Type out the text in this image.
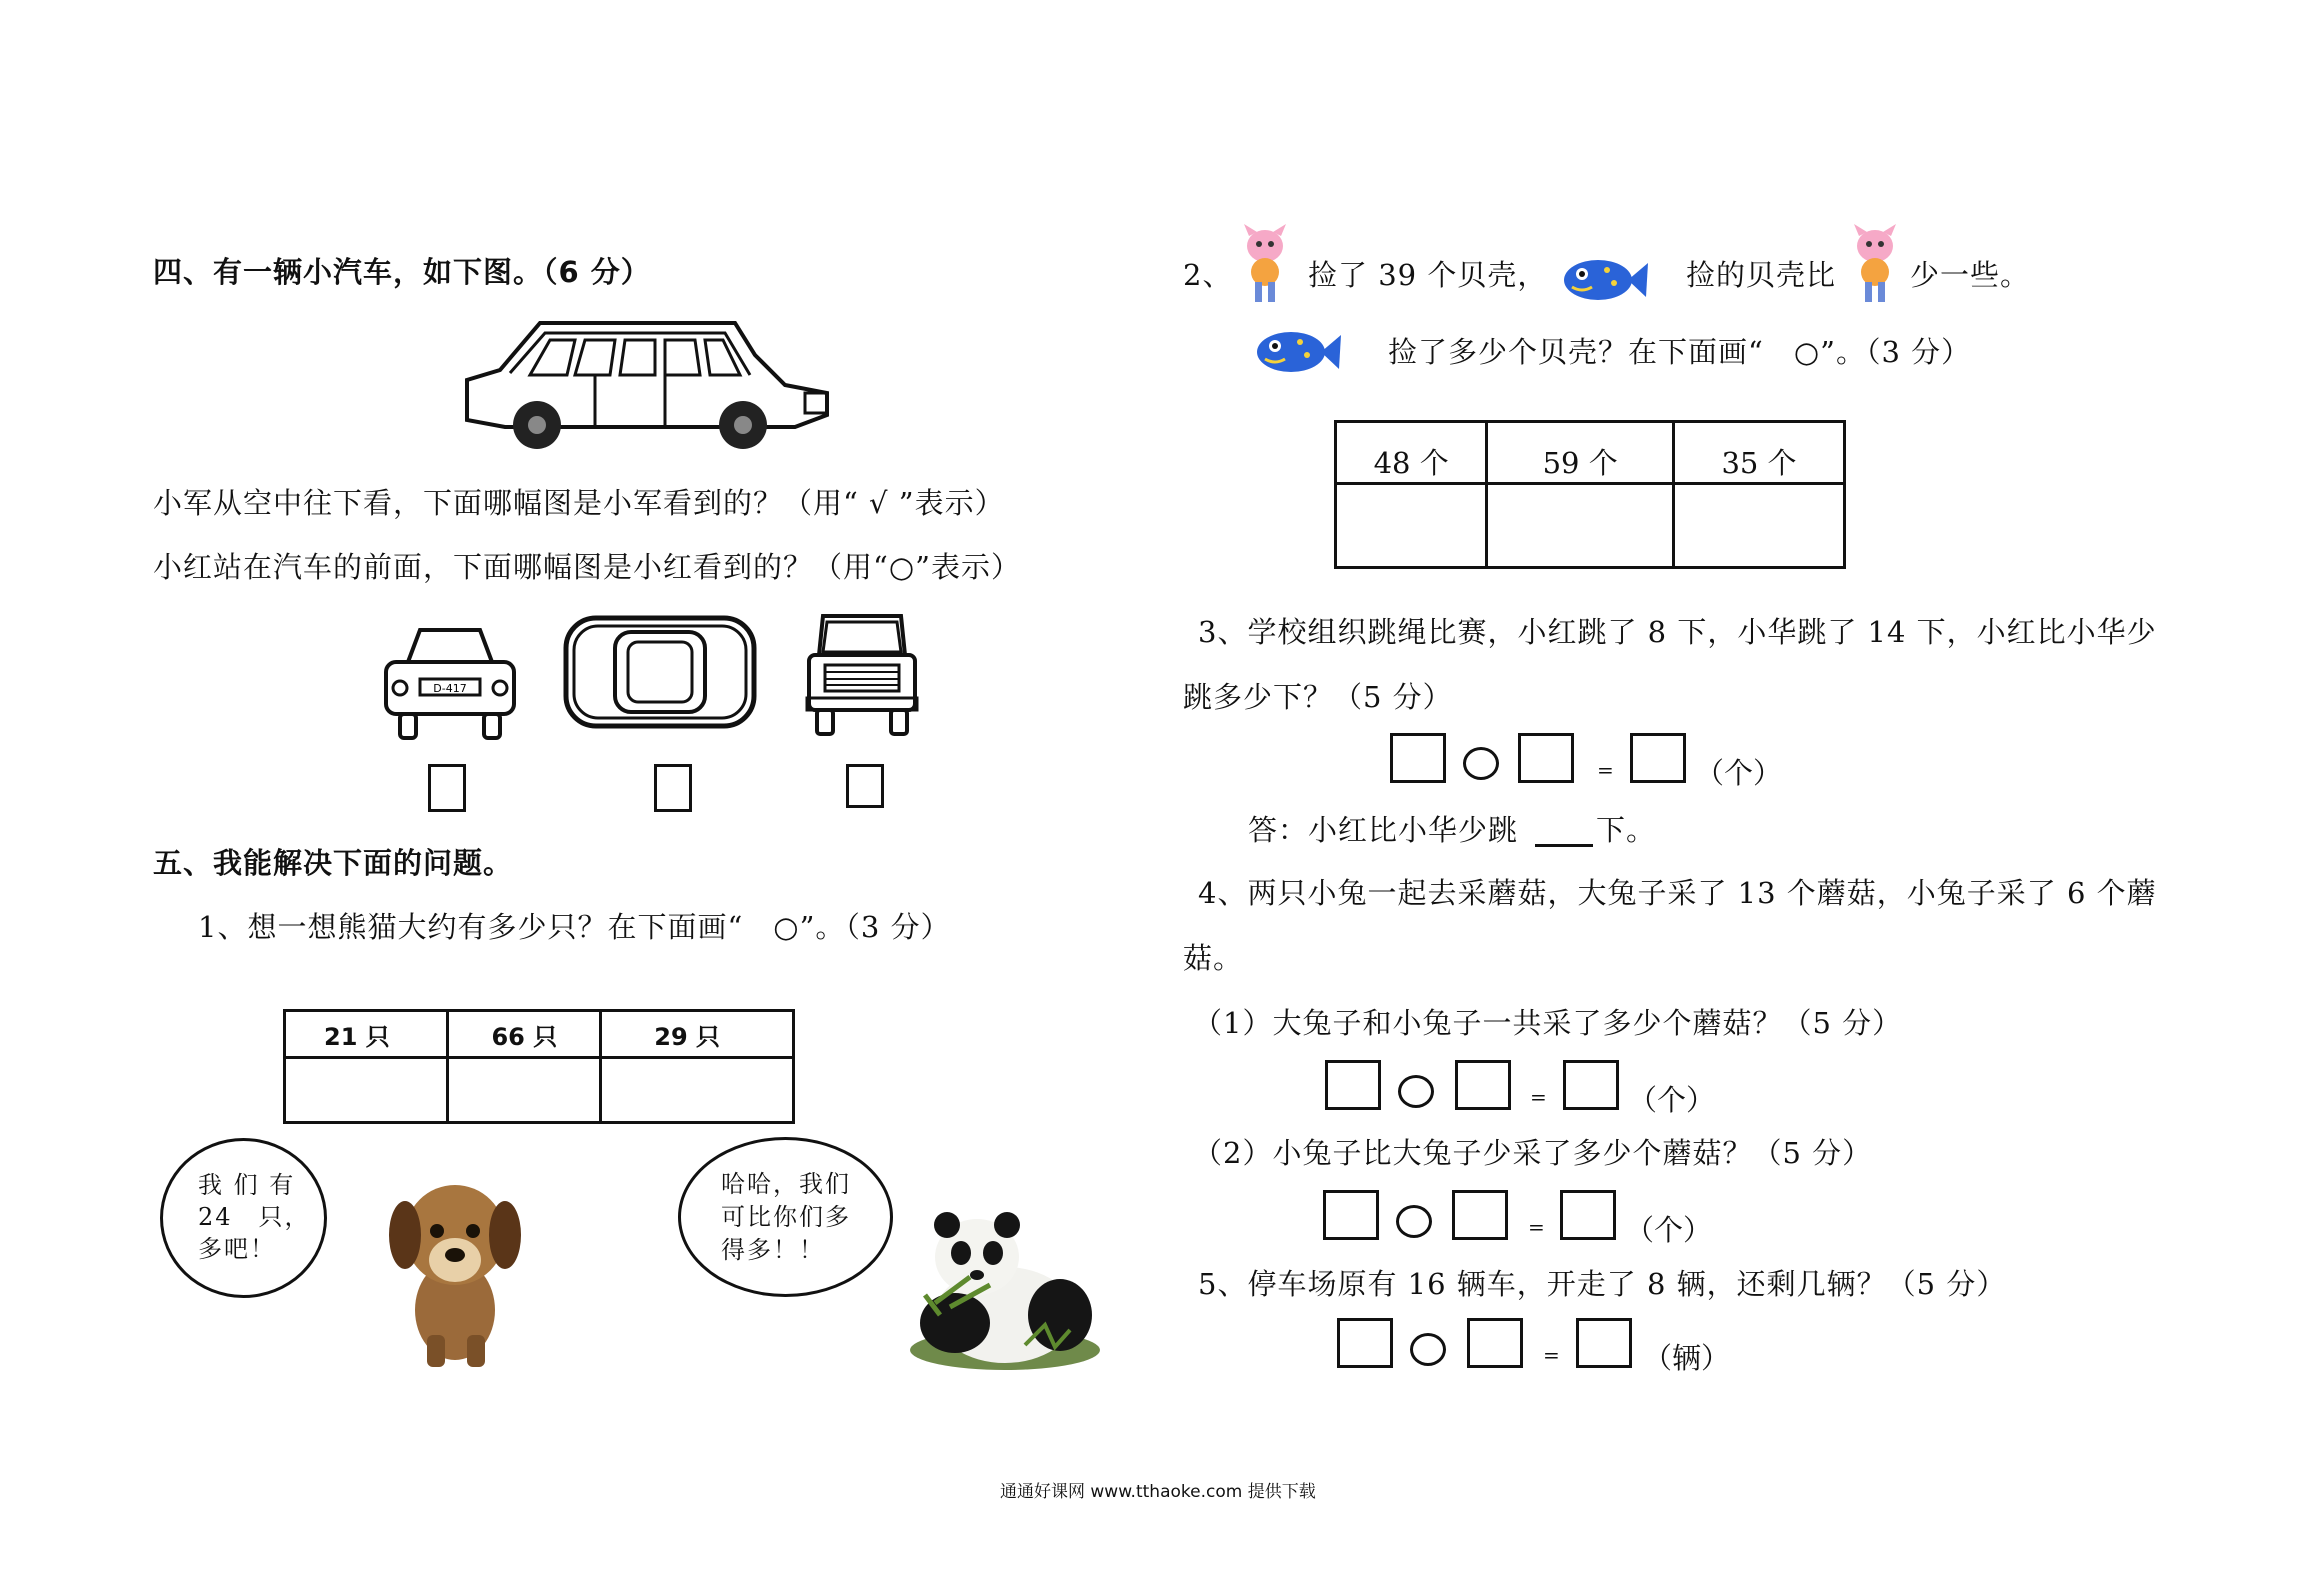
四、有一辆小汽车，如下图。（6 分）
小军从空中往下看，下面哪幅图是小军看到的？（用“ √ ”表示）
小红站在汽车的前面，下面哪幅图是小红看到的？（用“○”表示）
D-417
五、我能解决下面的问题。
1、想一想熊猫大约有多少只？在下面画“　○”。（3 分）
21 只	66 只	29 只

我 们 有
24　只，
多吧！
哈哈，我们
可比你们多
得多！！
2、	捡了 39 个贝壳，	捡的贝壳比	少一些。
捡了多少个贝壳？在下面画“　○”。（3 分）
48 个	59 个	35 个

3、学校组织跳绳比赛，小红跳了 8 下，小华跳了 14 下，小红比小华少
跳多少下？（5 分）
=	（个）
答：小红比小华少跳	下。
4、两只小兔一起去采蘑菇，大兔子采了 13 个蘑菇，小兔子采了 6 个蘑
菇。
（1）大兔子和小兔子一共采了多少个蘑菇？（5 分）
=	（个）
（2）小兔子比大兔子少采了多少个蘑菇？（5 分）
=	（个）
5、停车场原有 16 辆车，开走了 8 辆，还剩几辆？（5 分）
=	（辆）
通通好课网 www.tthaoke.com 提供下载
